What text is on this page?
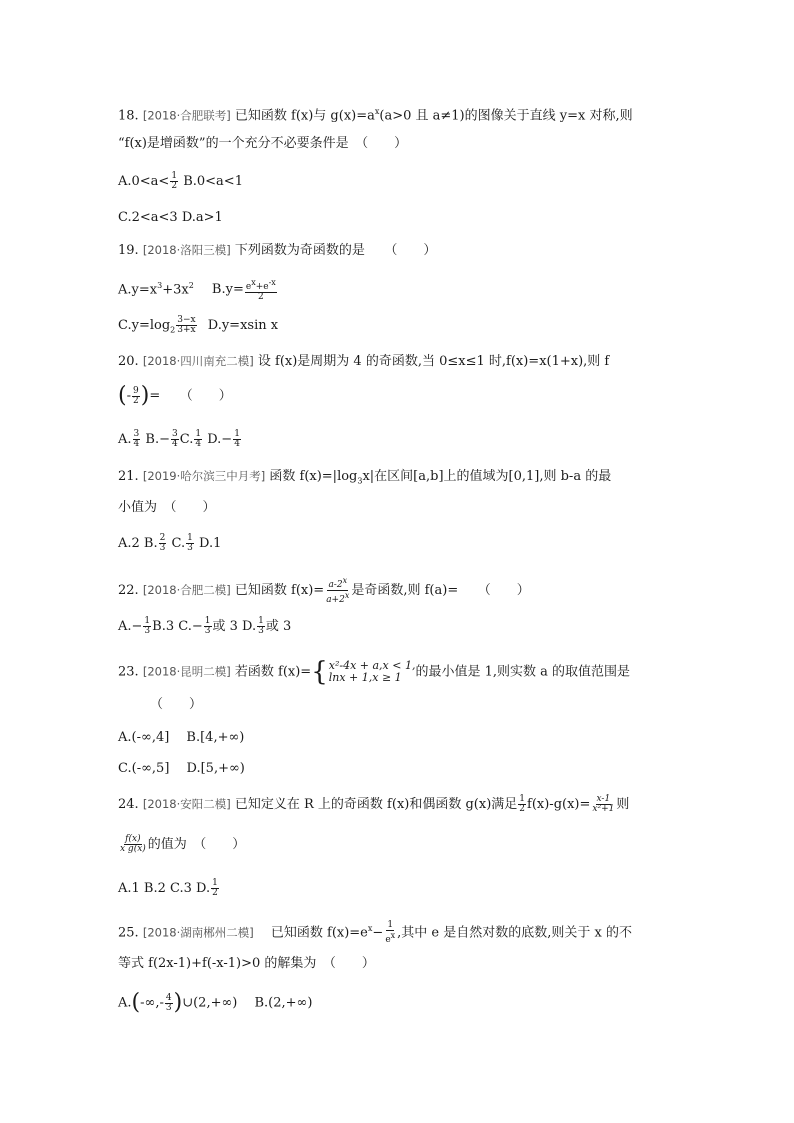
18. [2018·合肥联考] 已知函数 f(x)与 $g(x)=a^x(a>0$ 且 a≠1)的图像关于直线 y=x 对称,则
“f(x)是增函数”的一个充分不必要条件是　（　　）
$A.0<a< \frac{1}{2} B.0<a<1$
C.2<a<3 D.a>1
19. [2018·洛阳三模] 下列函数为奇函数的是　　（　　）
$A.y=x^3+3x^2$ $B.y= \frac{e^x+e^{-x}}{2}$
$C.y=\log_2 \frac{3-x}{3+x} D.y=xsin$ x
20. [2018·四川南充二模] 设 f(x)是周期为 4 的奇函数,当 0≤x≤1 时,f(x)=x(1+x),则 f
(- $\frac{9}{2}$ )=　　（　　）
A. $\frac{3}{4} B.- \frac{3}{4} C$. $\frac{1}{4} D.- \frac{1}{4}$
21. [2019·哈尔滨三中月考] 函数 $f(x)=|\log_3x|$在区间[a,b]上的值域为[0,1],则 b-a 的最
小值为　（　　）
A.2 B. $\frac{2}{3} C$. $\frac{1}{3} D.1$
22. [2018·合肥二模] 已知函数 $f(x)= \frac{a-2^x}{a+2^x}$ 是奇函数,则 f(a)=　　（　　）
$A.- \frac{1}{3} B.3$ $C.- \frac{1}{3}$ 或 3 D. $\frac{1}{3}$ 或 3
23. [2018·昆明二模] 若函数 f(x)= { x²-4x + a,x < 1,
lnx + 1,x ≥ 1	的最小值是 1,则实数 a 的取值范围是
（　　）
A.(-∞,4]　 B.[4,+∞)
C.(-∞,5]　 D.[5,+∞)
24. [2018·安阳二模] 已知定义在 R 上的奇函数 f(x)和偶函数 g(x)满足 $\frac{1}{2} f(x)-g(x)= \frac{x-1}{\text{x²+1}}$ 则
$\frac{f(x)}{\text{x g(x)}}$ 的值为　（　　）
A.1 B.2 C.3 D. $\frac{1}{2}$
25. [2018·湖南郴州二模] 　已知函数 $f(x)=e^x- \frac{1}{e^x}$ ,其中 e 是自然对数的底数,则关于 x 的不
等式 f(2x-1)+f(-x-1)>0 的解集为　（　　）
$A.(-\infty,- \frac{4}{3}$ )∪(2,+∞)　 B.(2,+∞)
